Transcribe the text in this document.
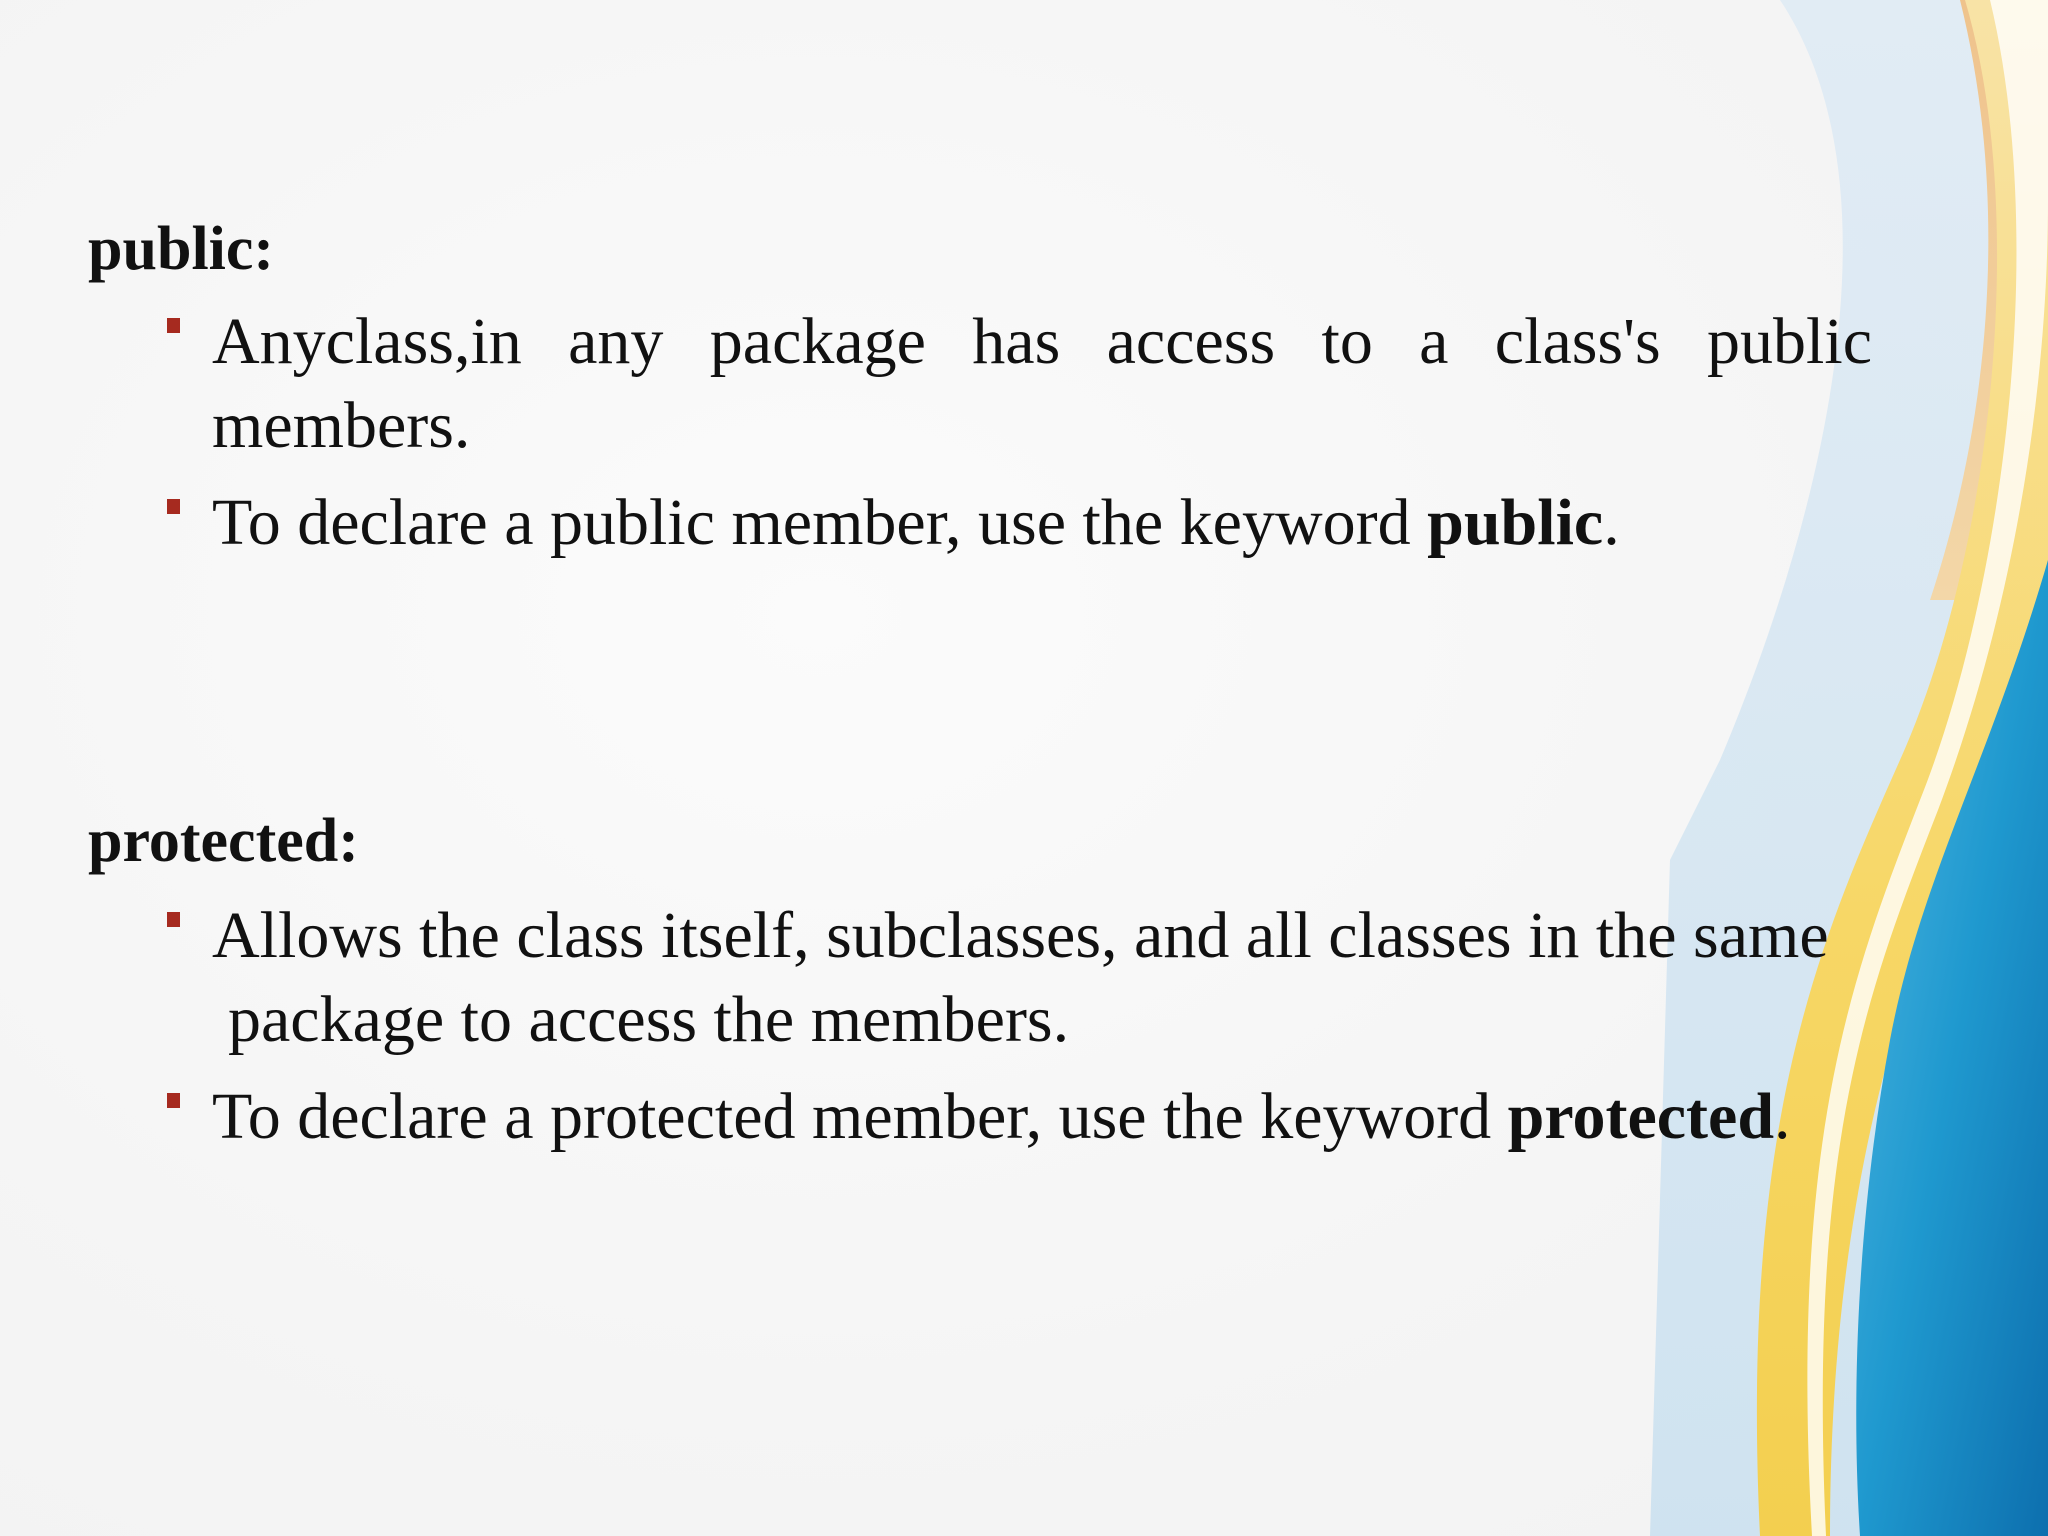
public:

Anyclass,in any package has access to a class's public members.

To declare a public member, use the keyword public.

protected:

Allows the class itself, subclasses, and all classes in the same
package to access the members.

To declare a protected member, use the keyword protected.
